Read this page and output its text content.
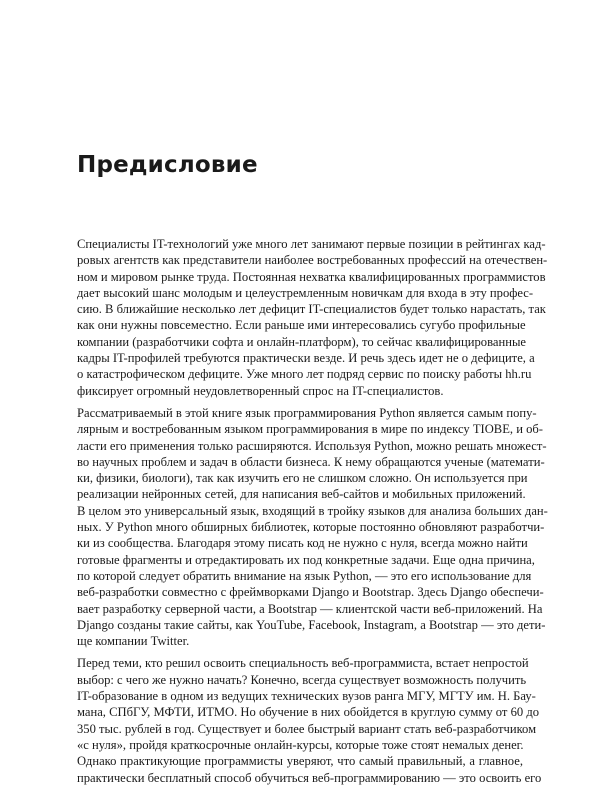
Предисловие
Специалисты IT-технологий уже много лет занимают первые позиции в рейтингах кад-
ровых агентств как представители наиболее востребованных профессий на отечествен-
ном и мировом рынке труда. Постоянная нехватка квалифицированных программистов
дает высокий шанс молодым и целеустремленным новичкам для входа в эту профес-
сию. В ближайшие несколько лет дефицит IT-специалистов будет только нарастать, так
как они нужны повсеместно. Если раньше ими интересовались сугубо профильные
компании (разработчики софта и онлайн-платформ), то сейчас квалифицированные
кадры IT-профилей требуются практически везде. И речь здесь идет не о дефиците, а
о катастрофическом дефиците. Уже много лет подряд сервис по поиску работы hh.ru
фиксирует огромный неудовлетворенный спрос на IT-специалистов.
Рассматриваемый в этой книге язык программирования Python является самым попу-
лярным и востребованным языком программирования в мире по индексу TIOBE, и об-
ласти его применения только расширяются. Используя Python, можно решать множест-
во научных проблем и задач в области бизнеса. К нему обращаются ученые (математи-
ки, физики, биологи), так как изучить его не слишком сложно. Он используется при
реализации нейронных сетей, для написания веб-сайтов и мобильных приложений.
В целом это универсальный язык, входящий в тройку языков для анализа больших дан-
ных. У Python много обширных библиотек, которые постоянно обновляют разработчи-
ки из сообщества. Благодаря этому писать код не нужно с нуля, всегда можно найти
готовые фрагменты и отредактировать их под конкретные задачи. Еще одна причина,
по которой следует обратить внимание на язык Python, — это его использование для
веб-разработки совместно с фреймворками Django и Bootstrap. Здесь Django обеспечи-
вает разработку серверной части, а Bootstrap — клиентской части веб-приложений. На
Django созданы такие сайты, как YouTube, Facebook, Instagram, а Bootstrap — это дети-
ще компании Twitter.
Перед теми, кто решил освоить специальность веб-программиста, встает непростой
выбор: с чего же нужно начать? Конечно, всегда существует возможность получить
IT-образование в одном из ведущих технических вузов ранга МГУ, МГТУ им. Н. Бау-
мана, СПбГУ, МФТИ, ИТМО. Но обучение в них обойдется в круглую сумму от 60 до
350 тыс. рублей в год. Существует и более быстрый вариант стать веб-разработчиком
«с нуля», пройдя краткосрочные онлайн-курсы, которые тоже стоят немалых денег.
Однако практикующие программисты уверяют, что самый правильный, а главное,
практически бесплатный способ обучиться веб-программированию — это освоить его
